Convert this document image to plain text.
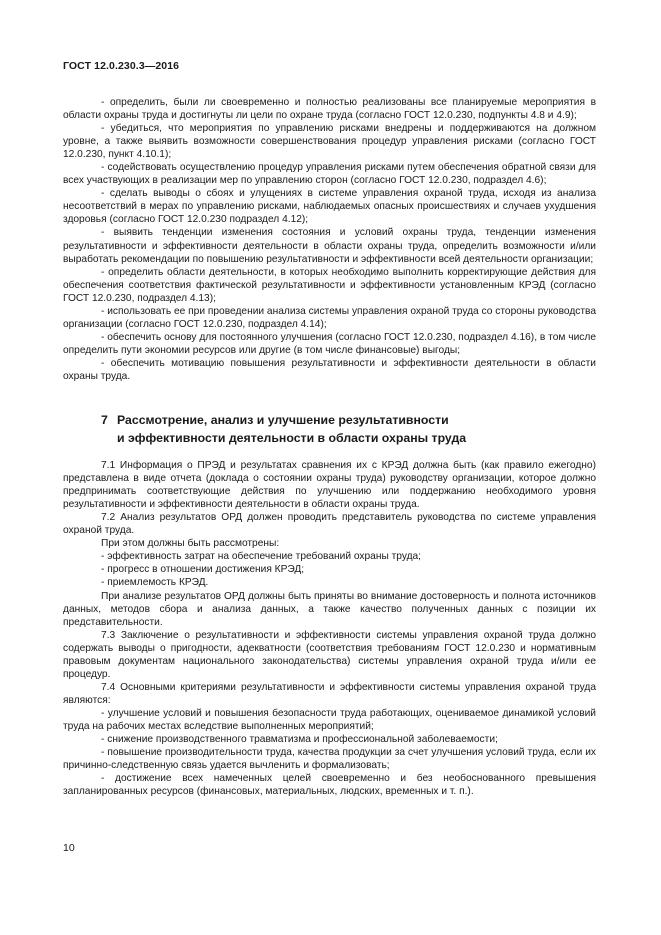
ГОСТ 12.0.230.3—2016

- определить, были ли своевременно и полностью реализованы все планируемые мероприятия в области охраны труда и достигнуты ли цели по охране труда (согласно ГОСТ 12.0.230, подпункты 4.8 и 4.9);

- убедиться, что мероприятия по управлению рисками внедрены и поддерживаются на должном уровне, а также выявить возможности совершенствования процедур управления рисками (согласно ГОСТ 12.0.230, пункт 4.10.1);

- содействовать осуществлению процедур управления рисками путем обеспечения обратной связи для всех участвующих в реализации мер по управлению сторон (согласно ГОСТ 12.0.230, подраздел 4.6);

- сделать выводы о сбоях и улущениях в системе управления охраной труда, исходя из анализа несоответствий в мерах по управлению рисками, наблюдаемых опасных происшествиях и случаев ухудшения здоровья (согласно ГОСТ 12.0.230 подраздел 4.12);

- выявить тенденции изменения состояния и условий охраны труда, тенденции изменения результативности и эффективности деятельности в области охраны труда, определить возможности и/или выработать рекомендации по повышению результативности и эффективности всей деятельности организации;

- определить области деятельности, в которых необходимо выполнить корректирующие действия для обеспечения соответствия фактической результативности и эффективности установленным КРЭД (согласно ГОСТ 12.0.230, подраздел 4.13);

- использовать ее при проведении анализа системы управления охраной труда со стороны руководства организации (согласно ГОСТ 12.0.230, подраздел 4.14);

- обеспечить основу для постоянного улучшения (согласно ГОСТ 12.0.230, подраздел 4.16), в том числе определить пути экономии ресурсов или другие (в том числе финансовые) выгоды;

- обеспечить мотивацию повышения результативности и эффективности деятельности в области охраны труда.

7 Рассмотрение, анализ и улучшение результативности
и эффективности деятельности в области охраны труда

7.1 Информация о ПРЭД и результатах сравнения их с КРЭД должна быть (как правило ежегодно) представлена в виде отчета (доклада о состоянии охраны труда) руководству организации, которое должно предпринимать соответствующие действия по улучшению или поддержанию необходимого уровня результативности и эффективности деятельности в области охраны труда.

7.2 Анализ результатов ОРД должен проводить представитель руководства по системе управления охраной труда.

При этом должны быть рассмотрены:

- эффективность затрат на обеспечение требований охраны труда;

- прогресс в отношении достижения КРЭД;

- приемлемость КРЭД.

При анализе результатов ОРД должны быть приняты во внимание достоверность и полнота источников данных, методов сбора и анализа данных, а также качество полученных данных с позиции их представительности.

7.3 Заключение о результативности и эффективности системы управления охраной труда должно содержать выводы о пригодности, адекватности (соответствия требованиям ГОСТ 12.0.230 и нормативным правовым документам национального законодательства) системы управления охраной труда и/или ее процедур.

7.4 Основными критериями результативности и эффективности системы управления охраной труда являются:

- улучшение условий и повышения безопасности труда работающих, оцениваемое динамикой условий труда на рабочих местах вследствие выполненных мероприятий;

- снижение производственного травматизма и профессиональной заболеваемости;

- повышение производительности труда, качества продукции за счет улучшения условий труда, если их причинно-следственную связь удается вычленить и формализовать;

- достижение всех намеченных целей своевременно и без необоснованного превышения запланированных ресурсов (финансовых, материальных, людских, временных и т. п.).

10
